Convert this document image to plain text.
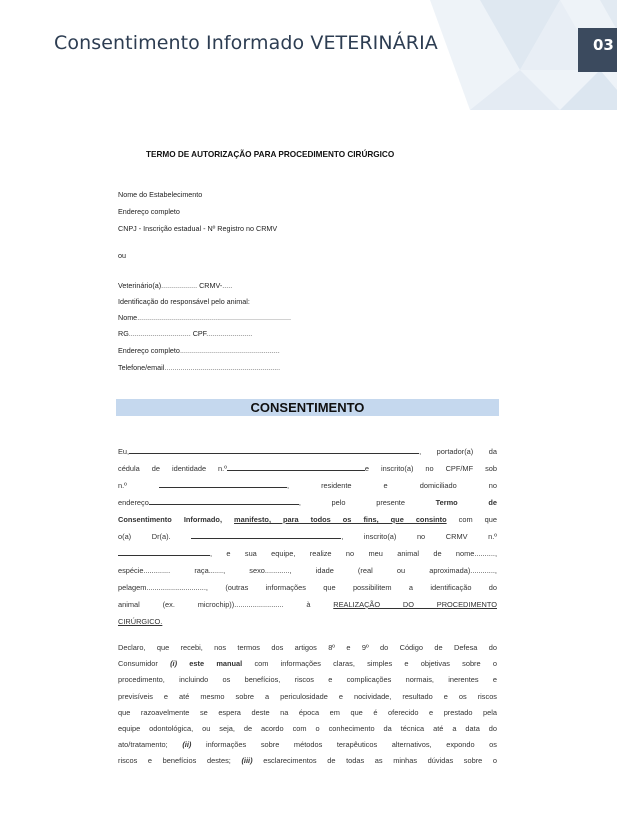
Consentimento Informado VETERINÁRIA	03
TERMO DE AUTORIZAÇÃO PARA PROCEDIMENTO CIRÚRGICO
Nome do Estabelecimento
Endereço completo
CNPJ - Inscrição estadual - Nº Registro no CRMV
ou
Veterinário(a).................. CRMV-.....
Identificação do responsável pelo animal:
Nome.............................................................................
RG............................... CPF.......................
Endereço completo..................................................
Telefone/email..........................................................
CONSENTIMENTO
Eu,	, portador(a) da
cédula de identidade n.º	e inscrito(a) no CPF/MF sob
n.º	, residente e domiciliado no
endereço	, pelo presente	Termo de
Consentimento Informado, manifesto, para todos os fins, que consinto com que
o(a) Dr(a).	, inscrito(a) no CRMV n.º
, e sua equipe, realize no meu animal de nome..........,
espécie.............	raça.......,	sexo............,	idade (real ou aproximada)............,
pelagem............................., (outras informações que possibilitem a identificação do
animal (ex. microchip))........................	à	REALIZAÇÃO DO PROCEDIMENTO
CIRÚRGICO.
Declaro, que recebi, nos termos dos artigos 8º e 9º do Código de Defesa do
Consumidor (i) este manual com informações claras, simples e objetivas sobre o
procedimento, incluindo os benefícios, riscos e complicações normais, inerentes e
previsíveis e até mesmo sobre a periculosidade e nocividade, resultado e os riscos
que razoavelmente se espera deste na época em que é oferecido e prestado pela
equipe odontológica, ou seja, de acordo com o conhecimento da técnica até a data do
ato/tratamento; (ii) informações sobre métodos terapêuticos alternativos, expondo os
riscos e benefícios destes; (iii) esclarecimentos de todas as minhas dúvidas sobre o
